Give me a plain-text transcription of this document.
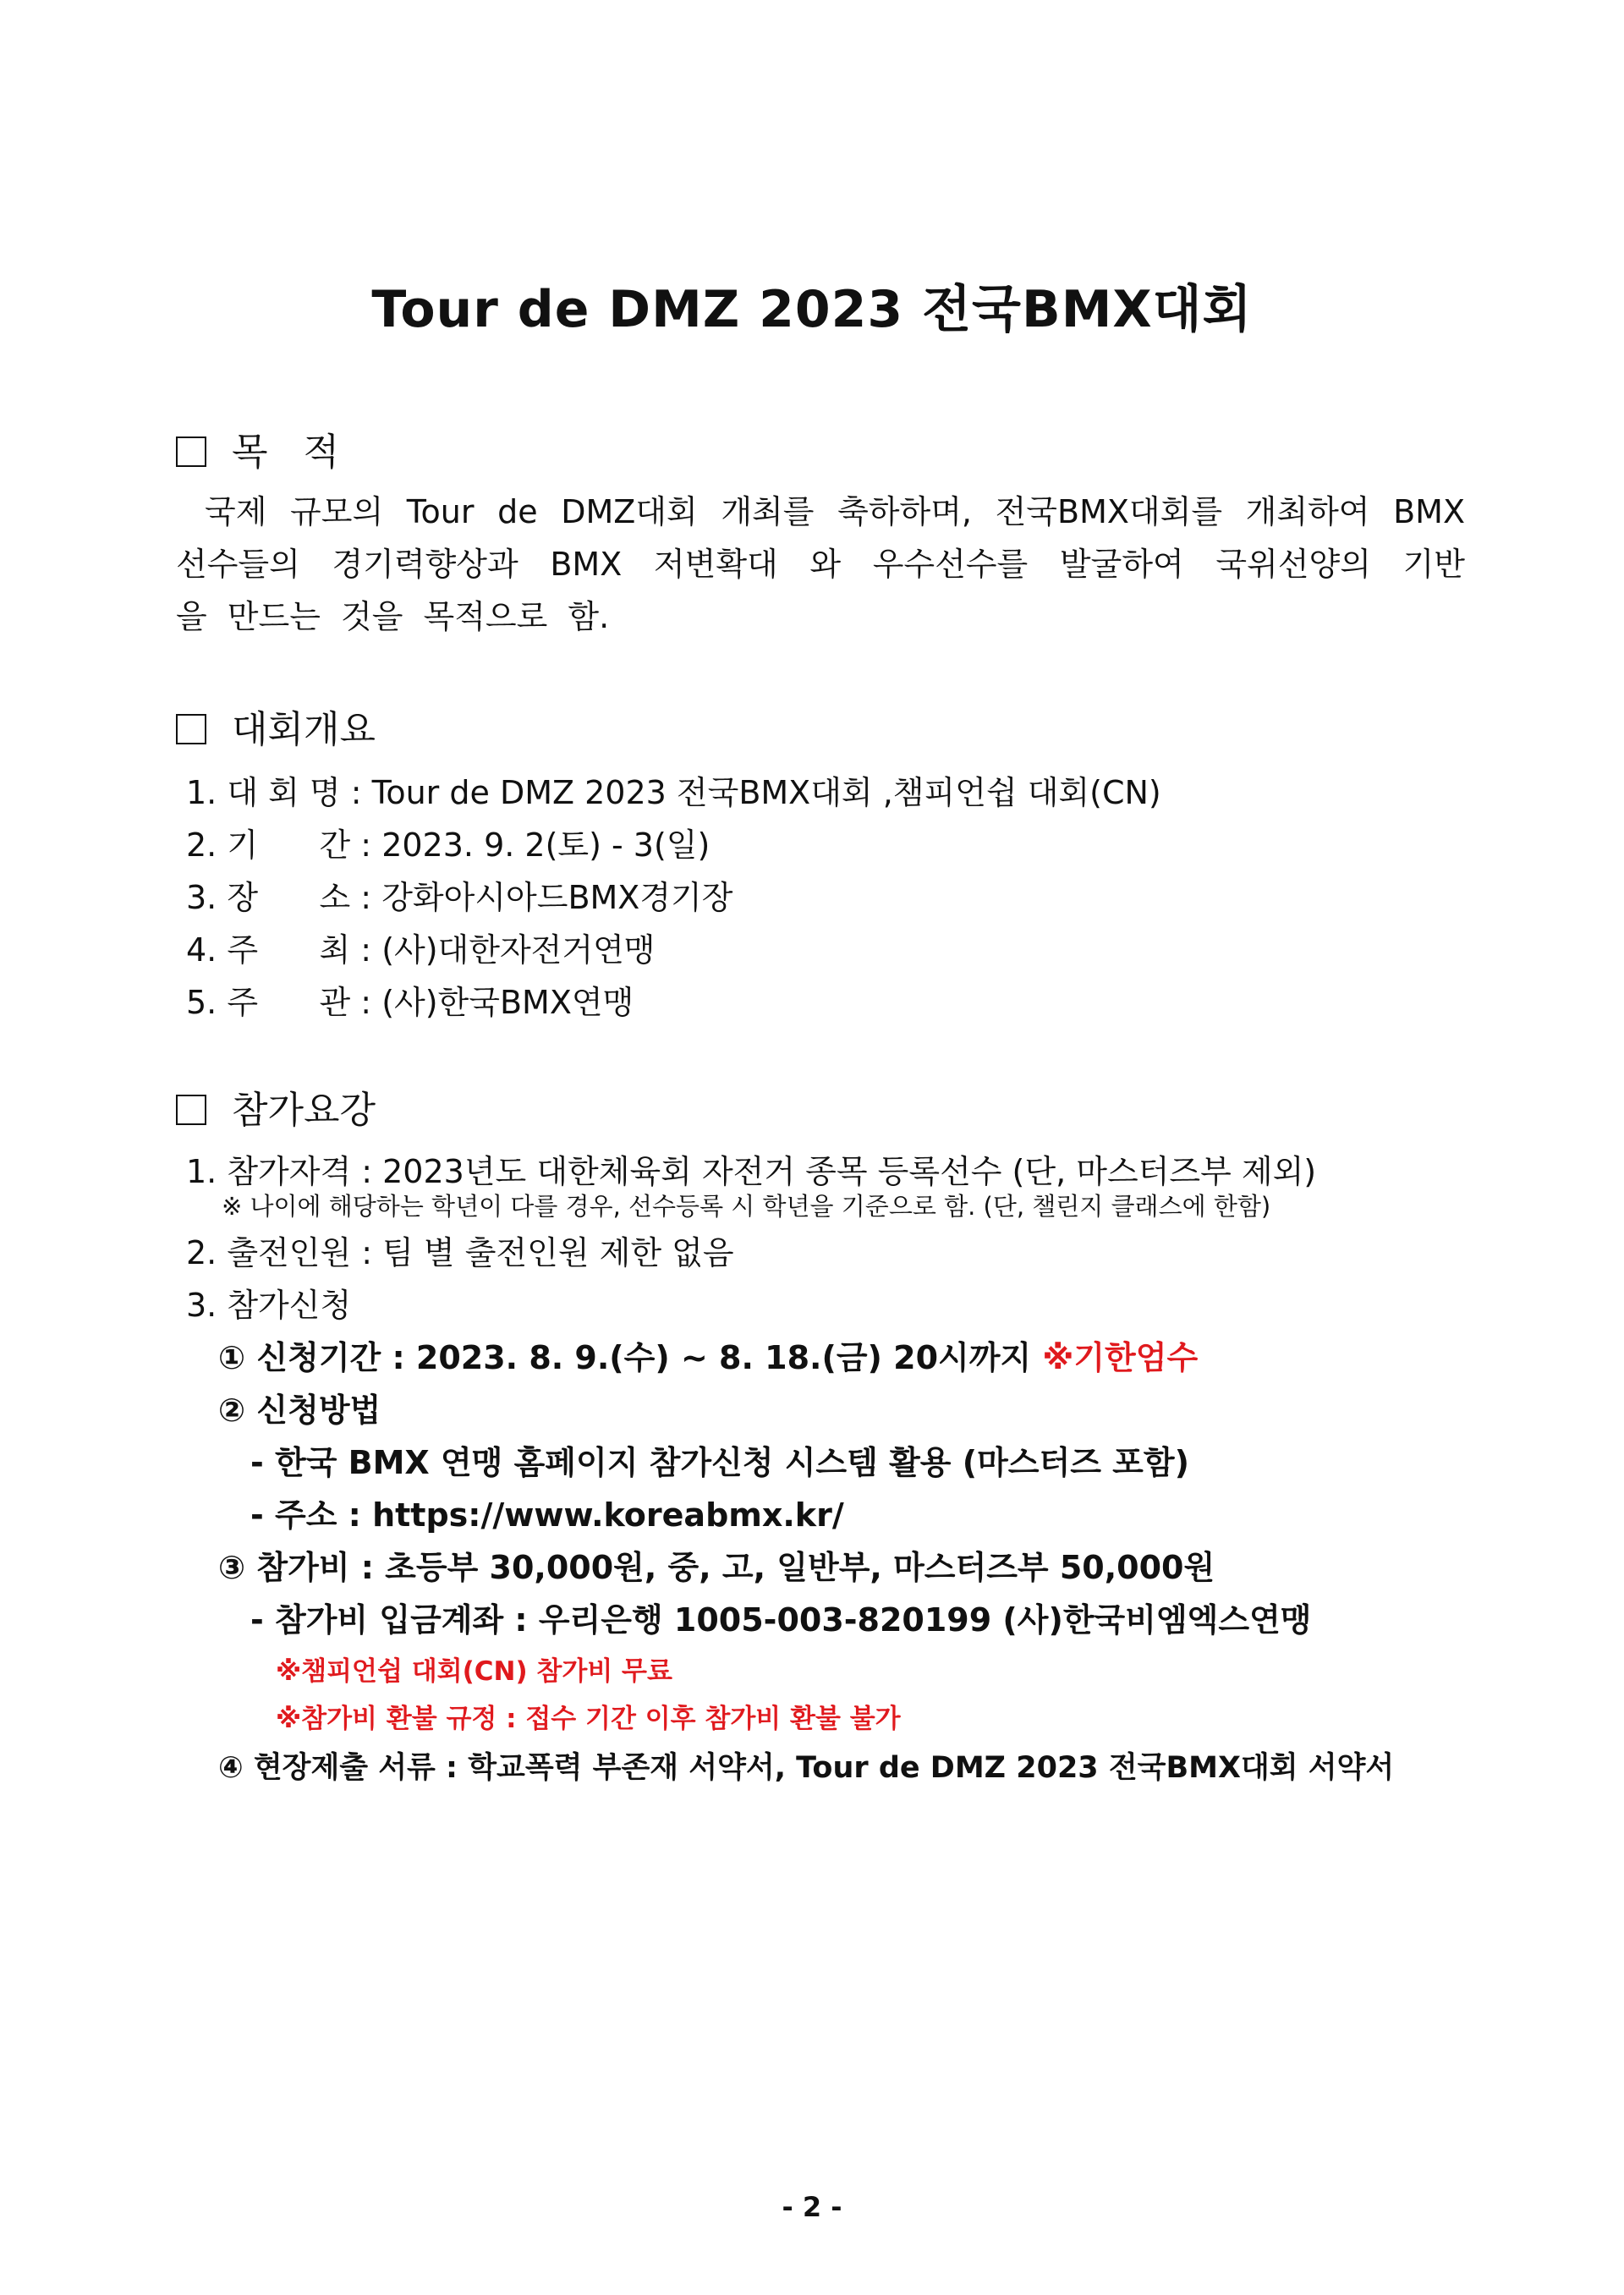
Tour de DMZ 2023 전국BMX대회
목   적
국제 규모의 Tour de DMZ대회 개최를 축하하며, 전국BMX대회를 개최하여 BMX
선수들의 경기력향상과 BMX 저변확대 와 우수선수를 발굴하여 국위선양의 기반
을 만드는 것을 목적으로 함.
대회개요
1. 대 회 명 : Tour de DMZ 2023 전국BMX대회 ,챔피언쉽 대회(CN)
2. 기      간 : 2023. 9. 2(토) - 3(일)
3. 장      소 : 강화아시아드BMX경기장
4. 주      최 : (사)대한자전거연맹
5. 주      관 : (사)한국BMX연맹
참가요강
1. 참가자격 : 2023년도 대한체육회 자전거 종목 등록선수 (단, 마스터즈부 제외)
※ 나이에 해당하는 학년이 다를 경우, 선수등록 시 학년을 기준으로 함. (단, 챌린지 클래스에 한함)
2. 출전인원 : 팀 별 출전인원 제한 없음
3. 참가신청
① 신청기간 : 2023. 8. 9.(수) ~ 8. 18.(금) 20시까지 ※기한엄수
② 신청방법
- 한국 BMX 연맹 홈페이지 참가신청 시스템 활용 (마스터즈 포함)
- 주소 : https://www.koreabmx.kr/
③ 참가비 : 초등부 30,000원, 중, 고, 일반부, 마스터즈부 50,000원
- 참가비 입금계좌 : 우리은행 1005-003-820199 (사)한국비엠엑스연맹
※챔피언쉽 대회(CN) 참가비 무료
※참가비 환불 규정 : 접수 기간 이후 참가비 환불 불가
④ 현장제출 서류 : 학교폭력 부존재 서약서, Tour de DMZ 2023 전국BMX대회 서약서
- 2 -
